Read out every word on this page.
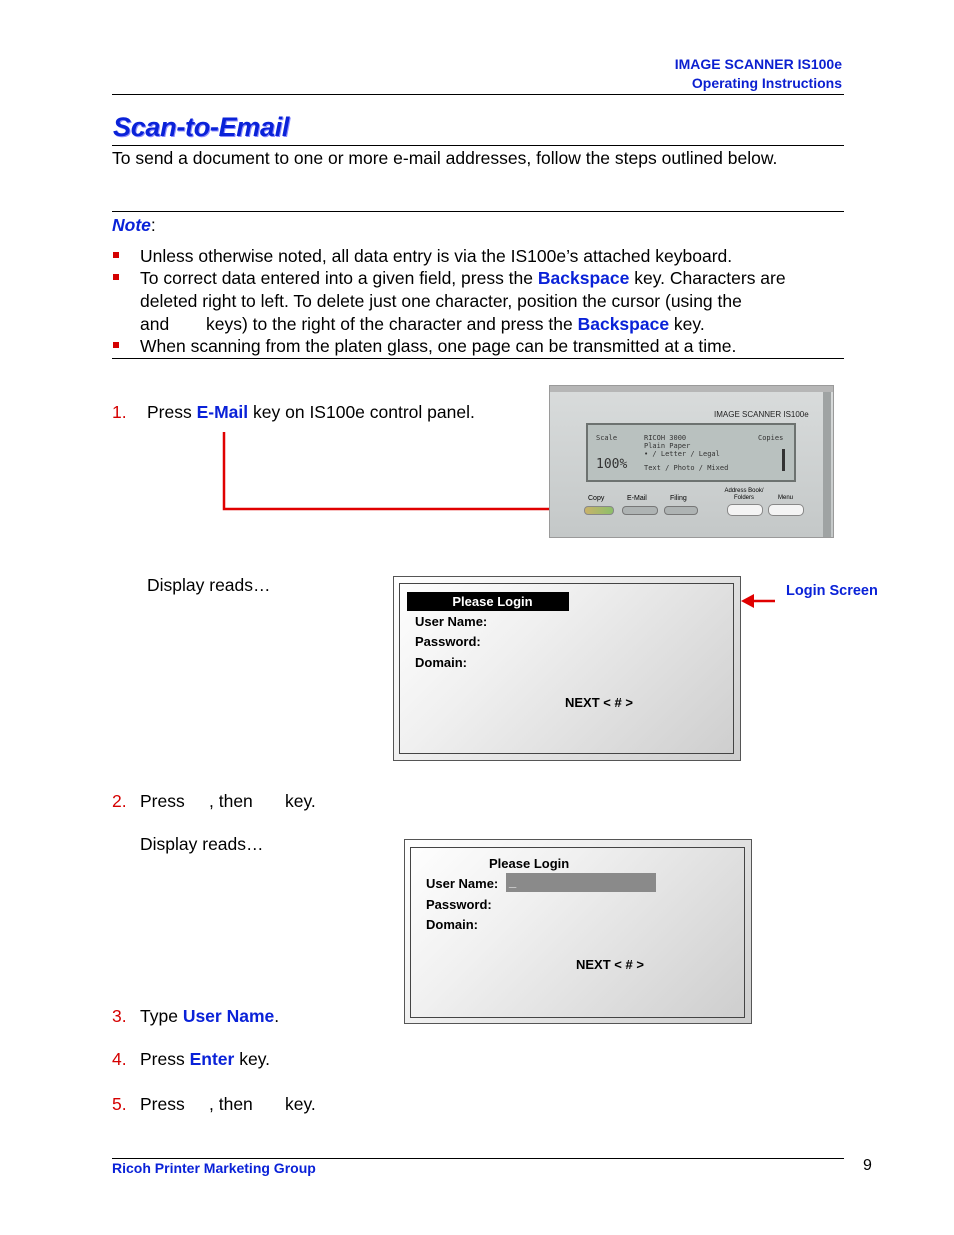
IMAGE SCANNER IS100e
Operating Instructions
Scan-to-Email
To send a document to one or more e-mail addresses, follow the steps outlined below.
Note:
Unless otherwise noted, all data entry is via the IS100e’s attached keyboard.
To correct data entered into a given field, press the Backspace key. Characters are
deleted right to left. To delete just one character, position the cursor (using the
and keys) to the right of the character and press the Backspace key.
When scanning from the platen glass, one page can be transmitted at a time.
1. Press E-Mail key on IS100e control panel.	IMAGE SCANNER IS100e
Scale	RICOH 3000	Copies
Plain Paper
• / Letter / Legal
100% Text / Photo / Mixed
Copy	E-Mail	Filing
Address Book/ Folders	Menu
Display reads…
Please Login
User Name:
Password:
Domain:
NEXT < # >
Login Screen
2. Press , then key.
Display reads…
Please Login
User Name: _
Password:
Domain:
NEXT < # >
3. Type User Name.
4. Press Enter key.
5. Press , then key.
Ricoh Printer Marketing Group	9
